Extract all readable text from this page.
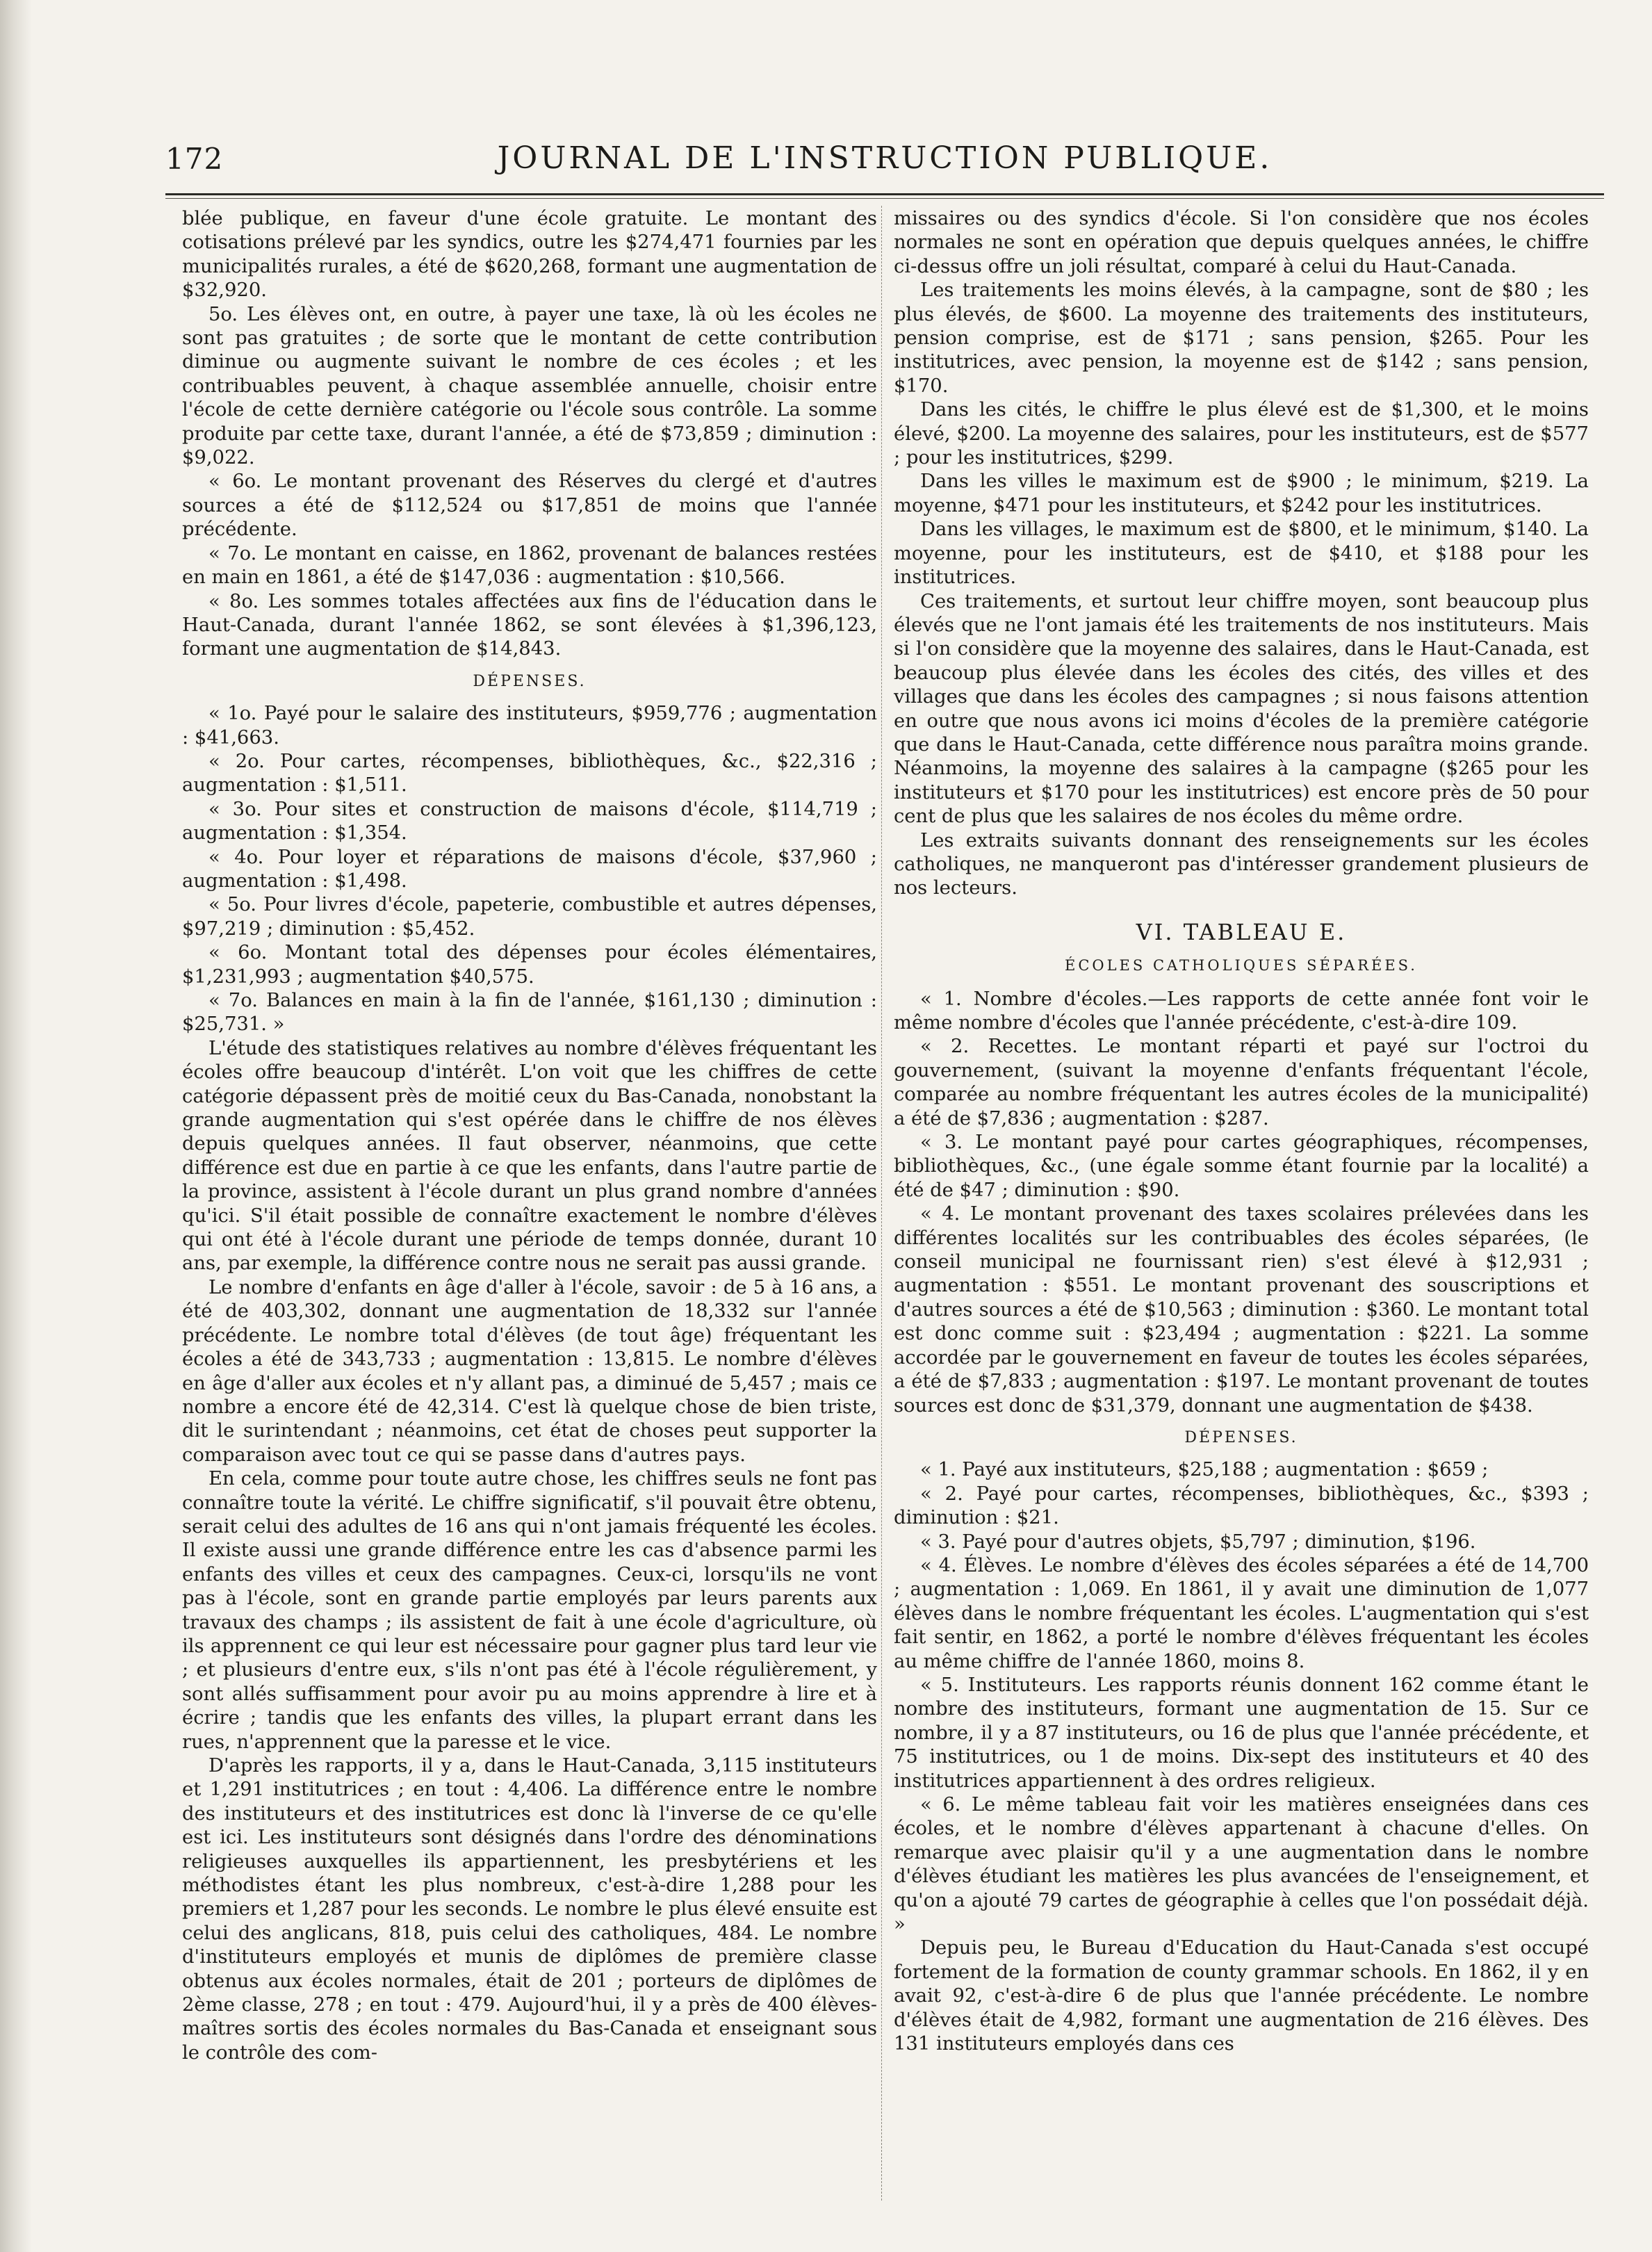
172	JOURNAL DE L'INSTRUCTION PUBLIQUE.

blée publique, en faveur d'une école gratuite. Le montant des cotisations prélevé par les syndics, outre les $274,471 fournies par les municipalités rurales, a été de $620,268, formant une augmentation de $32,920.

5o. Les élèves ont, en outre, à payer une taxe, là où les écoles ne sont pas gratuites ; de sorte que le montant de cette contribution diminue ou augmente suivant le nombre de ces écoles ; et les contribuables peuvent, à chaque assemblée annuelle, choisir entre l'école de cette dernière catégorie ou l'école sous contrôle. La somme produite par cette taxe, durant l'année, a été de $73,859 ; diminution : $9,022.

« 6o. Le montant provenant des Réserves du clergé et d'autres sources a été de $112,524 ou $17,851 de moins que l'année précédente.

« 7o. Le montant en caisse, en 1862, provenant de balances restées en main en 1861, a été de $147,036 : augmentation : $10,566.

« 8o. Les sommes totales affectées aux fins de l'éducation dans le Haut-Canada, durant l'année 1862, se sont élevées à $1,396,123, formant une augmentation de $14,843.

DÉPENSES.

« 1o. Payé pour le salaire des instituteurs, $959,776 ; augmentation : $41,663.

« 2o. Pour cartes, récompenses, bibliothèques, &c., $22,316 ; augmentation : $1,511.

« 3o. Pour sites et construction de maisons d'école, $114,719 ; augmentation : $1,354.

« 4o. Pour loyer et réparations de maisons d'école, $37,960 ; augmentation : $1,498.

« 5o. Pour livres d'école, papeterie, combustible et autres dépenses, $97,219 ; diminution : $5,452.

« 6o. Montant total des dépenses pour écoles élémentaires, $1,231,993 ; augmentation $40,575.

« 7o. Balances en main à la fin de l'année, $161,130 ; diminution : $25,731. »

L'étude des statistiques relatives au nombre d'élèves fréquentant les écoles offre beaucoup d'intérêt. L'on voit que les chiffres de cette catégorie dépassent près de moitié ceux du Bas-Canada, nonobstant la grande augmentation qui s'est opérée dans le chiffre de nos élèves depuis quelques années. Il faut observer, néanmoins, que cette différence est due en partie à ce que les enfants, dans l'autre partie de la province, assistent à l'école durant un plus grand nombre d'années qu'ici. S'il était possible de connaître exactement le nombre d'élèves qui ont été à l'école durant une période de temps donnée, durant 10 ans, par exemple, la différence contre nous ne serait pas aussi grande.

Le nombre d'enfants en âge d'aller à l'école, savoir : de 5 à 16 ans, a été de 403,302, donnant une augmentation de 18,332 sur l'année précédente. Le nombre total d'élèves (de tout âge) fréquentant les écoles a été de 343,733 ; augmentation : 13,815. Le nombre d'élèves en âge d'aller aux écoles et n'y allant pas, a diminué de 5,457 ; mais ce nombre a encore été de 42,314. C'est là quelque chose de bien triste, dit le surintendant ; néanmoins, cet état de choses peut supporter la comparaison avec tout ce qui se passe dans d'autres pays.

En cela, comme pour toute autre chose, les chiffres seuls ne font pas connaître toute la vérité. Le chiffre significatif, s'il pouvait être obtenu, serait celui des adultes de 16 ans qui n'ont jamais fréquenté les écoles. Il existe aussi une grande différence entre les cas d'absence parmi les enfants des villes et ceux des campagnes. Ceux-ci, lorsqu'ils ne vont pas à l'école, sont en grande partie employés par leurs parents aux travaux des champs ; ils assistent de fait à une école d'agriculture, où ils apprennent ce qui leur est nécessaire pour gagner plus tard leur vie ; et plusieurs d'entre eux, s'ils n'ont pas été à l'école régulièrement, y sont allés suffisamment pour avoir pu au moins apprendre à lire et à écrire ; tandis que les enfants des villes, la plupart errant dans les rues, n'apprennent que la paresse et le vice.

D'après les rapports, il y a, dans le Haut-Canada, 3,115 instituteurs et 1,291 institutrices ; en tout : 4,406. La différence entre le nombre des instituteurs et des institutrices est donc là l'inverse de ce qu'elle est ici. Les instituteurs sont désignés dans l'ordre des dénominations religieuses auxquelles ils appartiennent, les presbytériens et les méthodistes étant les plus nombreux, c'est-à-dire 1,288 pour les premiers et 1,287 pour les seconds. Le nombre le plus élevé ensuite est celui des anglicans, 818, puis celui des catholiques, 484. Le nombre d'instituteurs employés et munis de diplômes de première classe obtenus aux écoles normales, était de 201 ; porteurs de diplômes de 2ème classe, 278 ; en tout : 479. Aujourd'hui, il y a près de 400 élèves-maîtres sortis des écoles normales du Bas-Canada et enseignant sous le contrôle des com-

missaires ou des syndics d'école. Si l'on considère que nos écoles normales ne sont en opération que depuis quelques années, le chiffre ci-dessus offre un joli résultat, comparé à celui du Haut-Canada.

Les traitements les moins élevés, à la campagne, sont de $80 ; les plus élevés, de $600. La moyenne des traitements des instituteurs, pension comprise, est de $171 ; sans pension, $265. Pour les institutrices, avec pension, la moyenne est de $142 ; sans pension, $170.

Dans les cités, le chiffre le plus élevé est de $1,300, et le moins élevé, $200. La moyenne des salaires, pour les instituteurs, est de $577 ; pour les institutrices, $299.

Dans les villes le maximum est de $900 ; le minimum, $219. La moyenne, $471 pour les instituteurs, et $242 pour les institutrices.

Dans les villages, le maximum est de $800, et le minimum, $140. La moyenne, pour les instituteurs, est de $410, et $188 pour les institutrices.

Ces traitements, et surtout leur chiffre moyen, sont beaucoup plus élevés que ne l'ont jamais été les traitements de nos instituteurs. Mais si l'on considère que la moyenne des salaires, dans le Haut-Canada, est beaucoup plus élevée dans les écoles des cités, des villes et des villages que dans les écoles des campagnes ; si nous faisons attention en outre que nous avons ici moins d'écoles de la première catégorie que dans le Haut-Canada, cette différence nous paraîtra moins grande. Néanmoins, la moyenne des salaires à la campagne ($265 pour les instituteurs et $170 pour les institutrices) est encore près de 50 pour cent de plus que les salaires de nos écoles du même ordre.

Les extraits suivants donnant des renseignements sur les écoles catholiques, ne manqueront pas d'intéresser grandement plusieurs de nos lecteurs.

VI. TABLEAU E.

ÉCOLES CATHOLIQUES SÉPARÉES.

« 1. Nombre d'écoles.—Les rapports de cette année font voir le même nombre d'écoles que l'année précédente, c'est-à-dire 109.

« 2. Recettes. Le montant réparti et payé sur l'octroi du gouvernement, (suivant la moyenne d'enfants fréquentant l'école, comparée au nombre fréquentant les autres écoles de la municipalité) a été de $7,836 ; augmentation : $287.

« 3. Le montant payé pour cartes géographiques, récompenses, bibliothèques, &c., (une égale somme étant fournie par la localité) a été de $47 ; diminution : $90.

« 4. Le montant provenant des taxes scolaires prélevées dans les différentes localités sur les contribuables des écoles séparées, (le conseil municipal ne fournissant rien) s'est élevé à $12,931 ; augmentation : $551. Le montant provenant des souscriptions et d'autres sources a été de $10,563 ; diminution : $360. Le montant total est donc comme suit : $23,494 ; augmentation : $221. La somme accordée par le gouvernement en faveur de toutes les écoles séparées, a été de $7,833 ; augmentation : $197. Le montant provenant de toutes sources est donc de $31,379, donnant une augmentation de $438.

DÉPENSES.

« 1. Payé aux instituteurs, $25,188 ; augmentation : $659 ;

« 2. Payé pour cartes, récompenses, bibliothèques, &c., $393 ; diminution : $21.

« 3. Payé pour d'autres objets, $5,797 ; diminution, $196.

« 4. Élèves. Le nombre d'élèves des écoles séparées a été de 14,700 ; augmentation : 1,069. En 1861, il y avait une diminution de 1,077 élèves dans le nombre fréquentant les écoles. L'augmentation qui s'est fait sentir, en 1862, a porté le nombre d'élèves fréquentant les écoles au même chiffre de l'année 1860, moins 8.

« 5. Instituteurs. Les rapports réunis donnent 162 comme étant le nombre des instituteurs, formant une augmentation de 15. Sur ce nombre, il y a 87 instituteurs, ou 16 de plus que l'année précédente, et 75 institutrices, ou 1 de moins. Dix-sept des instituteurs et 40 des institutrices appartiennent à des ordres religieux.

« 6. Le même tableau fait voir les matières enseignées dans ces écoles, et le nombre d'élèves appartenant à chacune d'elles. On remarque avec plaisir qu'il y a une augmentation dans le nombre d'élèves étudiant les matières les plus avancées de l'enseignement, et qu'on a ajouté 79 cartes de géographie à celles que l'on possédait déjà. »

Depuis peu, le Bureau d'Education du Haut-Canada s'est occupé fortement de la formation de county grammar schools. En 1862, il y en avait 92, c'est-à-dire 6 de plus que l'année précédente. Le nombre d'élèves était de 4,982, formant une augmentation de 216 élèves. Des 131 instituteurs employés dans ces
